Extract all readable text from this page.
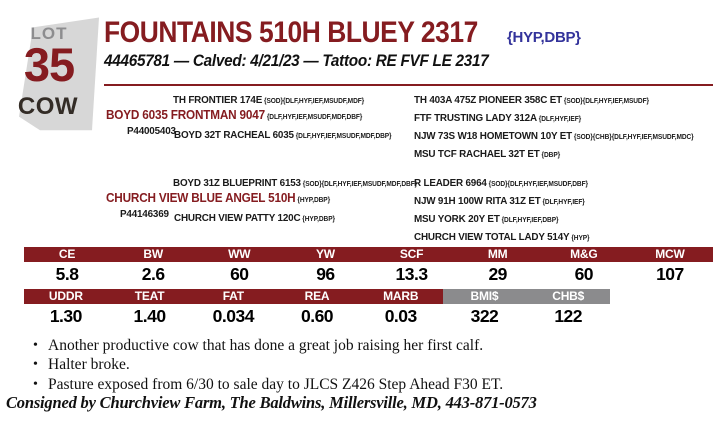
LOT
35
COW
FOUNTAINS 510H BLUEY 2317 {HYP,DBP}
44465781 — Calved: 4/21/23 — Tattoo: RE FVF LE 2317
TH FRONTIER 174E {SOD}{DLF,HYF,IEF,MSUDF,MDF}
BOYD 6035 FRONTMAN 9047 {DLF,HYF,IEF,MSUDF,MDF,DBF}
P44005403
BOYD 32T RACHEAL 6035 {DLF,HYF,IEF,MSUDF,MDF,DBP}
TH 403A 475Z PIONEER 358C ET {SOD}{DLF,HYF,IEF,MSUDF}
FTF TRUSTING LADY 312A {DLF,HYF,IEF}
NJW 73S W18 HOMETOWN 10Y ET {SOD}{CHB}{DLF,HYF,IEF,MSUDF,MDC}
MSU TCF RACHAEL 32T ET {DBP}
BOYD 31Z BLUEPRINT 6153 {SOD}{DLF,HYF,IEF,MSUDF,MDF,DBF}
CHURCH VIEW BLUE ANGEL 510H {HYP,DBP}
P44146369 CHURCH VIEW PATTY 120C {HYP,DBP}
R LEADER 6964 {SOD}{DLF,HYF,IEF,MSUDF,DBF}
NJW 91H 100W RITA 31Z ET {DLF,HYF,IEF}
MSU YORK 20Y ET {DLF,HYF,IEF,DBP}
CHURCH VIEW TOTAL LADY 514Y {HYP}
CE	BW	WW	YW	SCF	MM	M&G	MCW
5.8	2.6	60	96	13.3	29	60	107
UDDR	TEAT	FAT	REA	MARB	BMI$	CHB$
1.30	1.40	0.034	0.60	0.03	322	122
• Another productive cow that has done a great job raising her first calf.
• Halter broke.
• Pasture exposed from 6/30 to sale day to JLCS Z426 Step Ahead F30 ET.
Consigned by Churchview Farm, The Baldwins, Millersville, MD, 443-871-0573
